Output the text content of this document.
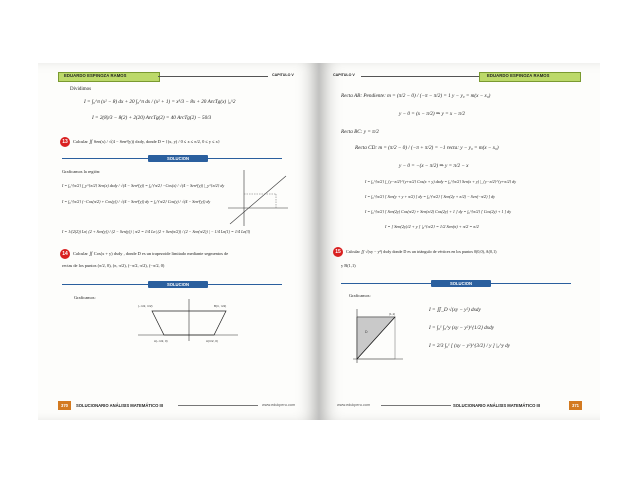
EDUARDO ESPINOZA RAMOS	CAPITULO V
Dividimos
I = ∫₀^π (x² − 8) dx + 20 ∫₀^π dx / (x² + 1) = x³/3 − 8x + 20 ArcTg(x) |₀^2
I = 2(8)/3 − 8(2) + 2(20) ArcTg(2) = 40 ArcTg(2) − 50/3
13	Calcular ∬ Sen(x) / √(4 − Sen²(y)) dxdy, donde D = {(x, y) / 0 ≤ x ≤ π/2, 0 ≤ y ≤ x}
SOLUCION
Graficamos la región:
I = ∫₀^{π/2} ∫_y^{π/2} Sen(x) dxdy / √(4 − Sen²(y)) = ∫₀^{π/2} −Cos(x) / √(4 − Sen²(y)) |_y^{π/2} dy
I = ∫₀^{π/2} (−Cos(π/2) + Cos(y)) / √(4 − Sen²(y)) dy = ∫₀^{π/2} Cos(y) / √(4 − Sen²(y)) dy
I = 1/(2(2)) Ln| (2 + Sen(y)) / (2 − Sen(y)) | π/2 = 1/4 Ln| (2 + Sen(π/2)) / (2 − Sen(π/2)) | − 1/4 Ln(1) = 1/4 Ln(3)
14	Calcular ∬ Cos(x + y) dxdy , donde D es un trapezoide limitado mediante segmentos de
rectas de los puntos (π/2, 0), (π, π/2), (−π/2, π/2), (−π/2, 0)
SOLUCION
Graficamos:
(−π/2, π/2)	B(π, π/2)
A(−π/2, 0)	A(π/2, 0)
370	SOLUCIONARIO ANÁLISIS MATEMÁTICO III	www.edukperu.com
CAPITULO V	EDUARDO ESPINOZA RAMOS
Recta AB: Pendiente: m = (π/2 − 0) / (−π − π/2) = 1 y − y₀ = m(x − x₀)
y − 0 = (x − π/2) ⇒ y = x − π/2
Recta BC: y = π/2
Recta CD: m = (π/2 − 0) / (−π + π/2) = −1 recta: y − y₀ = m(x − x₀)
y − 0 = −(x − π/2) ⇒ y = π/2 − x
I = ∫₀^{π/2} ∫_{y−π/2}^{y+π/2} Cos(x + y) dxdy = ∫₀^{π/2} Sen(x + y) |_{y−π/2}^{y+π/2} dy
I = ∫₀^{π/2} [ Sen(y + y + π/2) ] dy = ∫₀^{π/2} [ Sen(2y + π/2) − Sen(−π/2) ] dy
I = ∫₀^{π/2} [ Sen(2y) Cos(π/2) + Sen(π/2) Cos(2y) + 1 ] dy = ∫₀^{π/2} [ Cos(2y) + 1 ] dy
I = [ Sen(2y)/2 + y ] |₀^{π/2} = 1/2 Sen(π) + π/2 = π/2
15	Calcular ∬ √(xy − y²) dxdy donde D es un triángulo de vértices en los puntos 0(0,0), A(0,1)
y B(1,1)
SOLUCION
Graficamos:
(1,1)
D
I = ∬_D √(xy − y²) dxdy
I = ∫₀¹ ∫₀^y (xy − y²)^{1/2} dxdy
I = 2/3 ∫₀¹ [ (xy − y²)^{3/2} / y ] |₀^y dy
www.edukperu.com	SOLUCIONARIO ANÁLISIS MATEMÁTICO III	371
